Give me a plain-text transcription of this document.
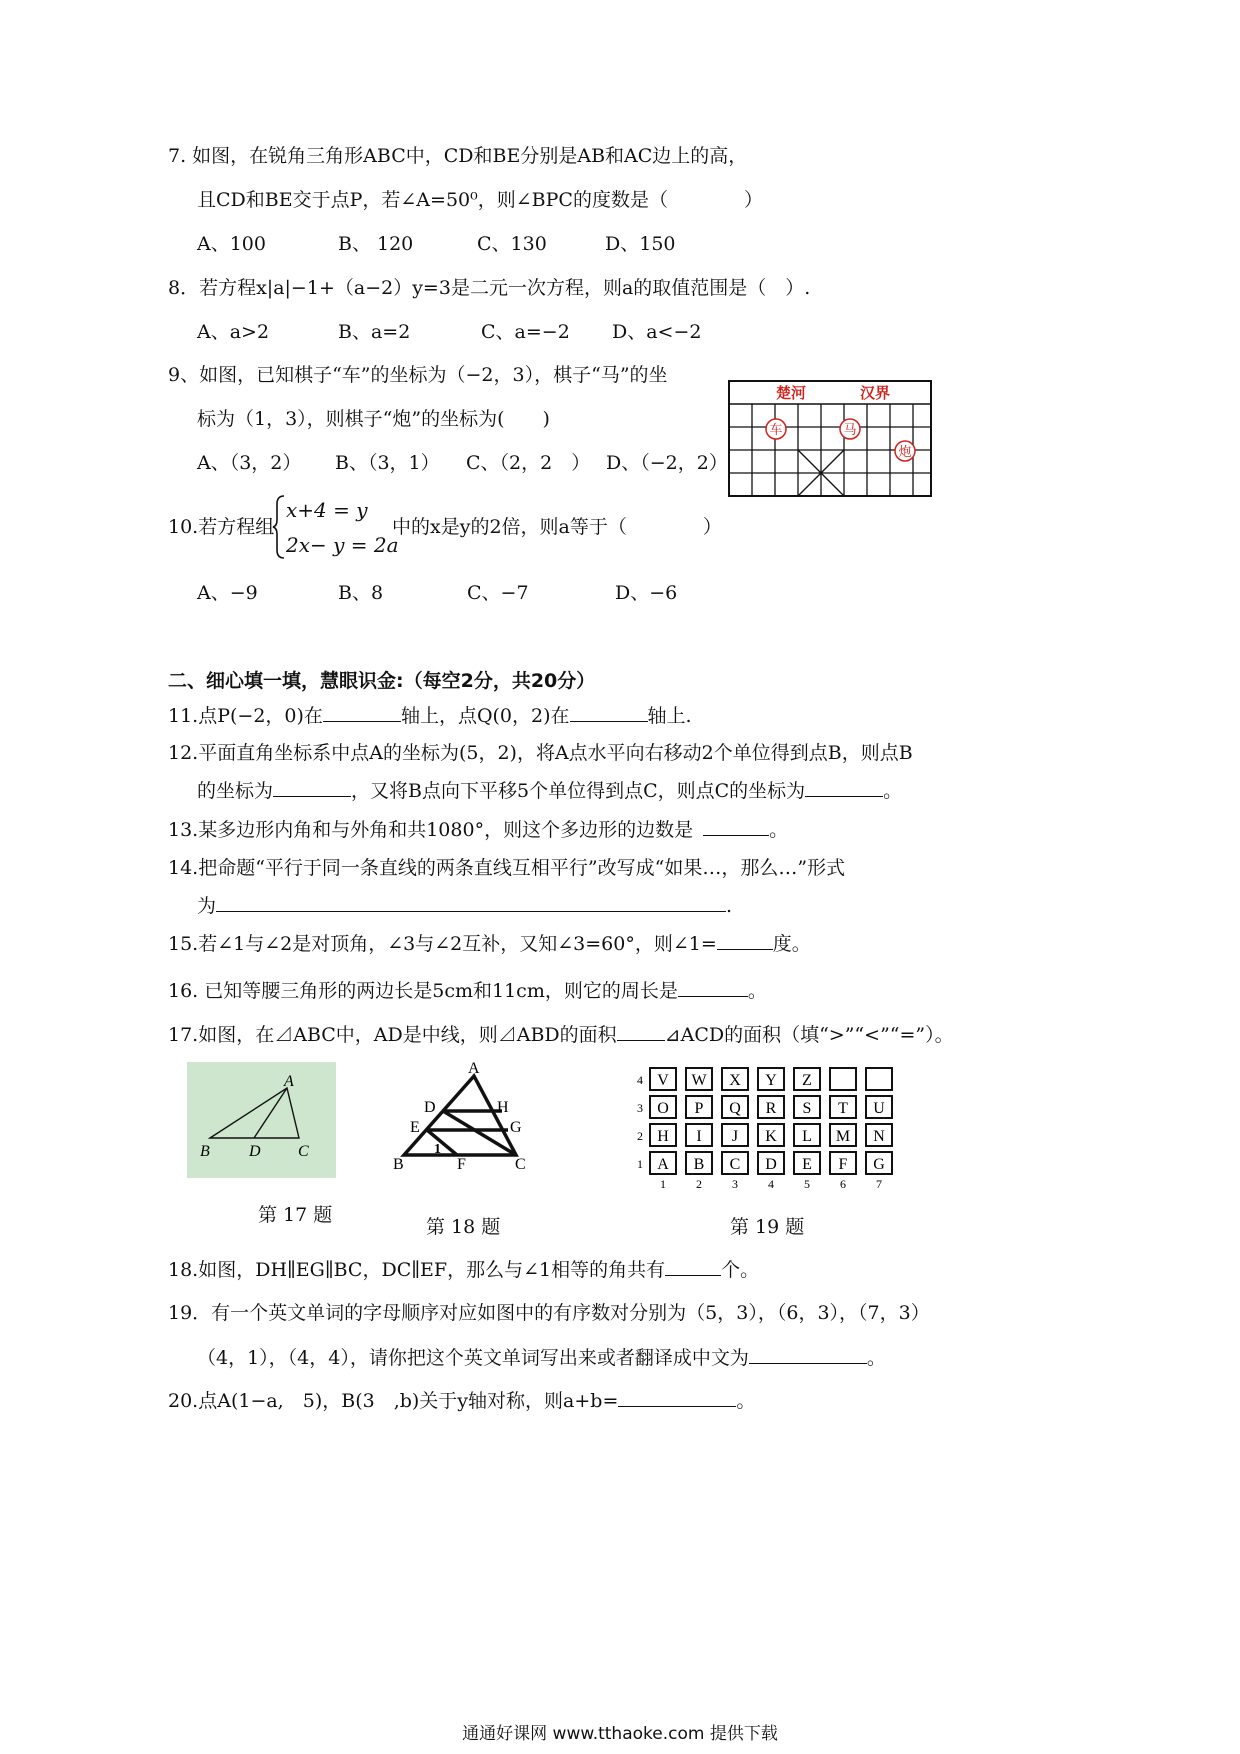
7. 如图，在锐角三角形ABC中，CD和BE分别是AB和AC边上的高，
且CD和BE交于点P，若∠A=50⁰，则∠BPC的度数是（　　　　）
A、100	B、 120	C、130	D、150
8．若方程x|a|−1+（a−2）y=3是二元一次方程，则a的取值范围是（　）.
A、a>2	B、a=2	C、a=−2 D、a<−2
9、如图，已知棋子“车”的坐标为（−2，3），棋子“马”的坐
标为（1，3），则棋子“炮”的坐标为(　　)
A、（3，2） B、（3，1） C、（2，2　） D、（−2，2）
楚河	汉界
车	马
炮
10.若方程组
x+4 = y
2x− y = 2a
中的x是y的2倍，则a等于（　　　　）
A、−9	B、8	C、−7	D、−6
二、细心填一填，慧眼识金:（每空2分，共20分）
11.点P(−2，0)在	轴上，点Q(0，2)在	轴上.
12.平面直角坐标系中点A的坐标为(5，2)，将A点水平向右移动2个单位得到点B，则点B
的坐标为	，又将B点向下平移5个单位得到点C，则点C的坐标为	。
13.某多边形内角和与外角和共1080°，则这个多边形的边数是	。
14.把命题“平行于同一条直线的两条直线互相平行”改写成“如果…，那么…”形式
为	.
15.若∠1与∠2是对顶角，∠3与∠2互补，又知∠3=60°，则∠1=	度。
16. 已知等腰三角形的两边长是5cm和11cm，则它的周长是	。
17.如图，在⊿ABC中，AD是中线，则⊿ABD的面积	⊿ACD的面积（填“>”“<”“=”）。
A
B D C
第 17 题
A
D	H
E	G
B	F	C
1
第 18 题
4 V W X Y Z
3 O P Q R S T U
2 H I J K L M N
1 A B C D E F G
1	2	3	4	5	6	7
第 19 题
18.如图，DH∥EG∥BC，DC∥EF，那么与∠1相等的角共有	个。
19．有一个英文单词的字母顺序对应如图中的有序数对分别为（5，3），（6，3），（7，3）
（4，1），（4，4），请你把这个英文单词写出来或者翻译成中文为	。
20.点A(1−a,　5)，B(3　,b)关于y轴对称，则a+b=	。
通通好课网 www.tthaoke.com 提供下载
